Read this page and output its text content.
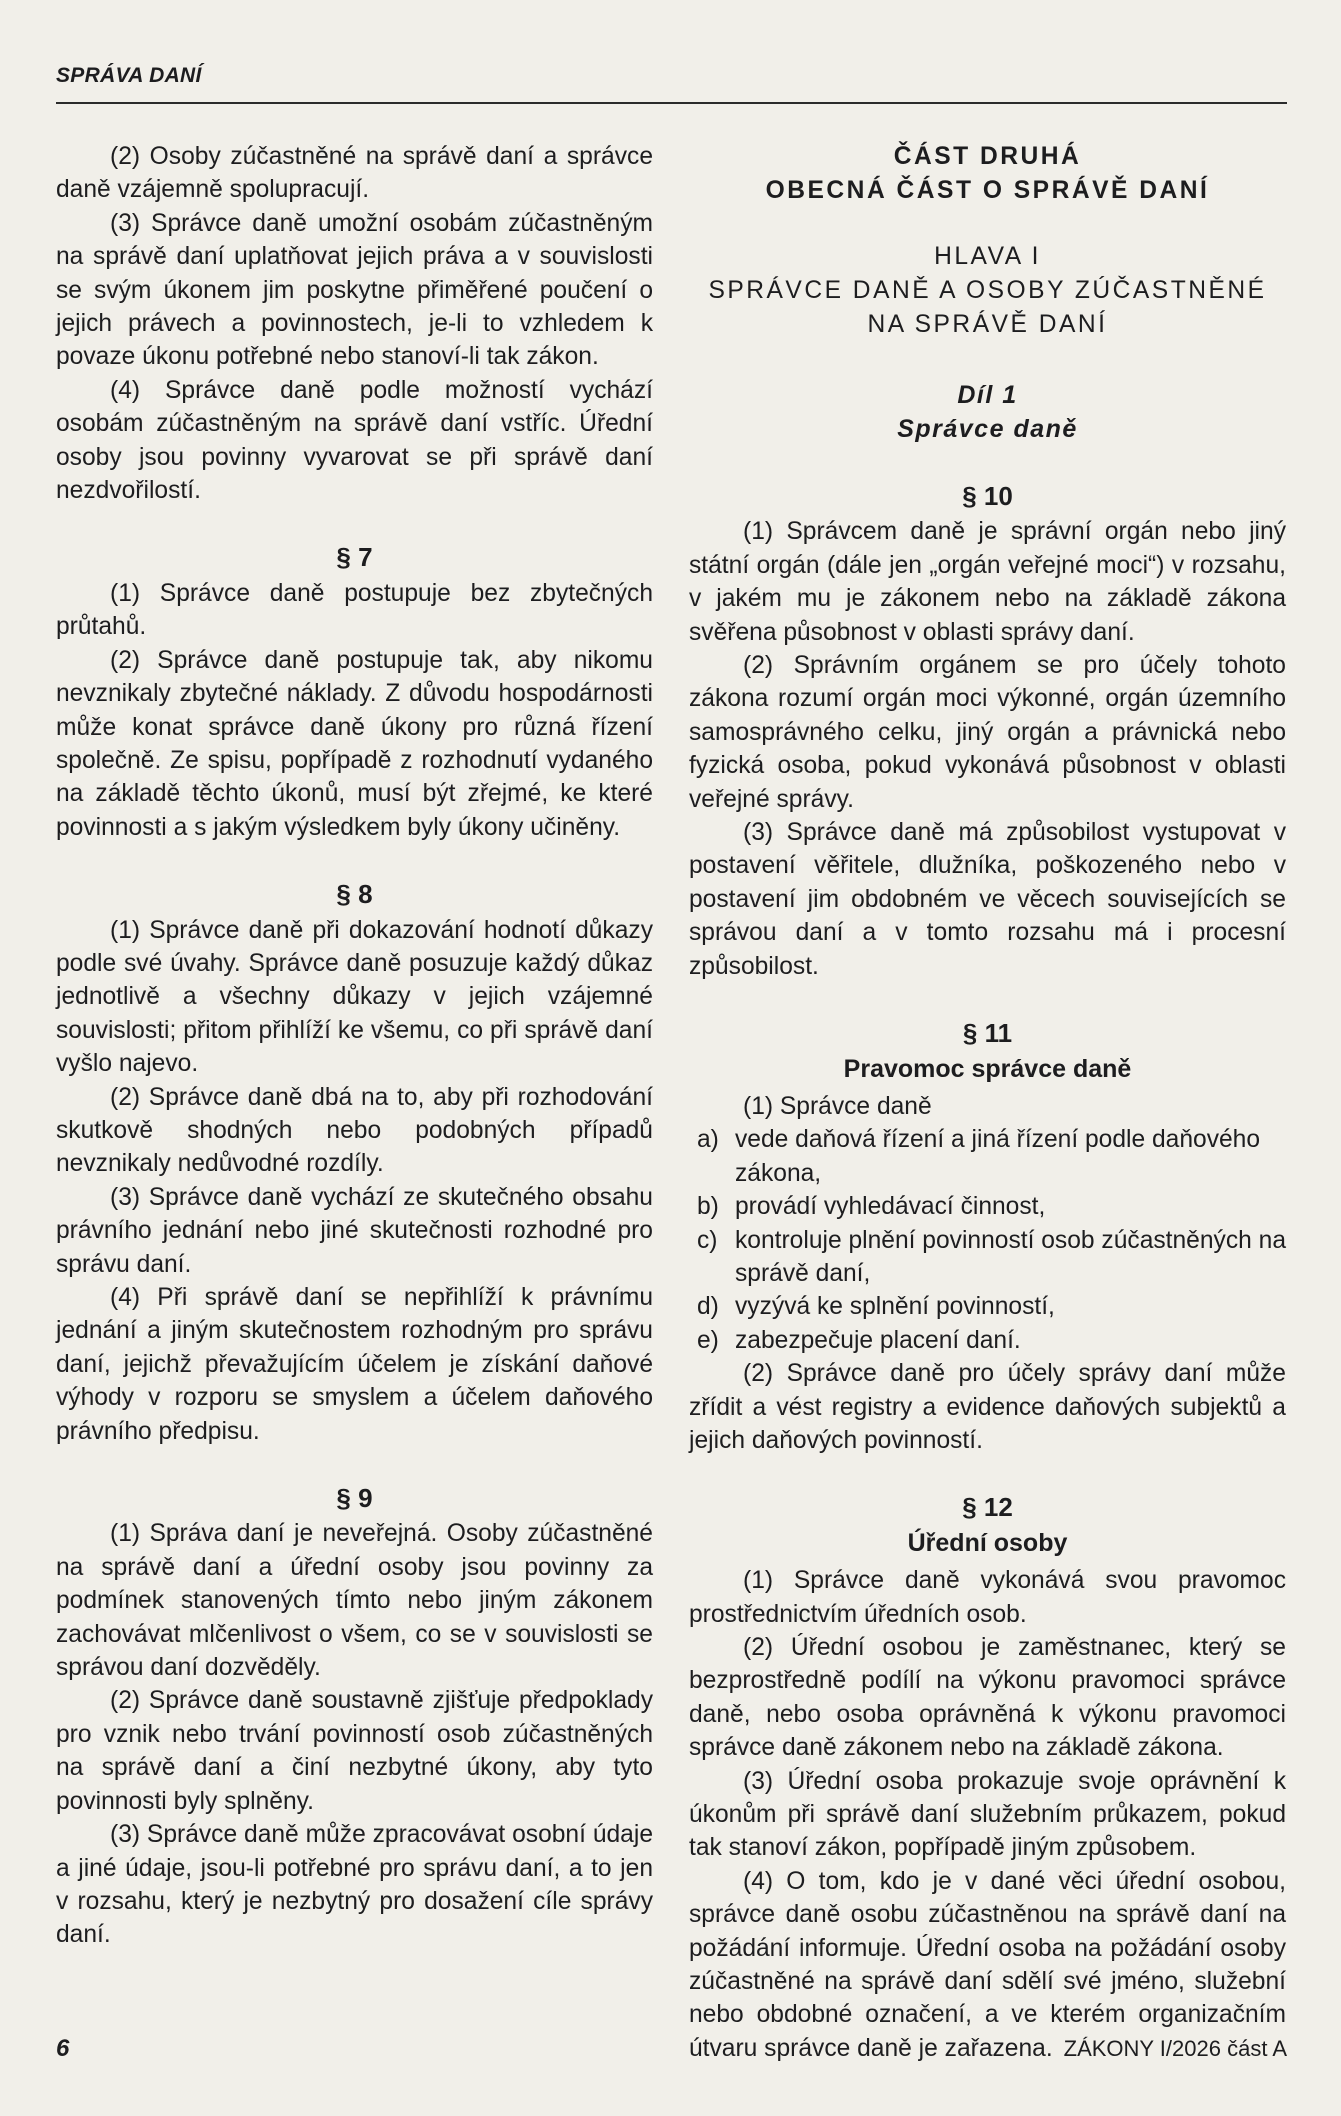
SPRÁVA DANÍ

(2) Osoby zúčastněné na správě daní a správce daně vzájemně spolupracují.

(3) Správce daně umožní osobám zúčastněným na správě daní uplatňovat jejich práva a v souvislosti se svým úkonem jim poskytne přiměřené poučení o jejich právech a povinnostech, je-li to vzhledem k povaze úkonu potřebné nebo stanoví-li tak zákon.

(4) Správce daně podle možností vychází osobám zúčastněným na správě daní vstříc. Úřední osoby jsou povinny vyvarovat se při správě daní nezdvořilostí.

§ 7

(1) Správce daně postupuje bez zbytečných průtahů.

(2) Správce daně postupuje tak, aby nikomu nevznikaly zbytečné náklady. Z důvodu hospodárnosti může konat správce daně úkony pro různá řízení společně. Ze spisu, popřípadě z rozhodnutí vydaného na základě těchto úkonů, musí být zřejmé, ke které povinnosti a s jakým výsledkem byly úkony učiněny.

§ 8

(1) Správce daně při dokazování hodnotí důkazy podle své úvahy. Správce daně posuzuje každý důkaz jednotlivě a všechny důkazy v jejich vzájemné souvislosti; přitom přihlíží ke všemu, co při správě daní vyšlo najevo.

(2) Správce daně dbá na to, aby při rozhodování skutkově shodných nebo podobných případů nevznikaly nedůvodné rozdíly.

(3) Správce daně vychází ze skutečného obsahu právního jednání nebo jiné skutečnosti rozhodné pro správu daní.

(4) Při správě daní se nepřihlíží k právnímu jednání a jiným skutečnostem rozhodným pro správu daní, jejichž převažujícím účelem je získání daňové výhody v rozporu se smyslem a účelem daňového právního předpisu.

§ 9

(1) Správa daní je neveřejná. Osoby zúčastněné na správě daní a úřední osoby jsou povinny za podmínek stanovených tímto nebo jiným zákonem zachovávat mlčenlivost o všem, co se v souvislosti se správou daní dozvěděly.

(2) Správce daně soustavně zjišťuje předpoklady pro vznik nebo trvání povinností osob zúčastněných na správě daní a činí nezbytné úkony, aby tyto povinnosti byly splněny.

(3) Správce daně může zpracovávat osobní údaje a jiné údaje, jsou-li potřebné pro správu daní, a to jen v rozsahu, který je nezbytný pro dosažení cíle správy daní.

ČÁST DRUHÁ
OBECNÁ ČÁST O SPRÁVĚ DANÍ
HLAVA I
SPRÁVCE DANĚ A OSOBY ZÚČASTNĚNÉ
NA SPRÁVĚ DANÍ
Díl 1
Správce daně
§ 10

(1) Správcem daně je správní orgán nebo jiný státní orgán (dále jen „orgán veřejné moci“) v rozsahu, v jakém mu je zákonem nebo na základě zákona svěřena působnost v oblasti správy daní.

(2) Správním orgánem se pro účely tohoto zákona rozumí orgán moci výkonné, orgán územního samosprávného celku, jiný orgán a právnická nebo fyzická osoba, pokud vykonává působnost v oblasti veřejné správy.

(3) Správce daně má způsobilost vystupovat v postavení věřitele, dlužníka, poškozeného nebo v postavení jim obdobném ve věcech souvisejících se správou daní a v tomto rozsahu má i procesní způsobilost.

§ 11
Pravomoc správce daně

(1) Správce daně

a) vede daňová řízení a jiná řízení podle daňového zákona,
b) provádí vyhledávací činnost,
c) kontroluje plnění povinností osob zúčastněných na správě daní,
d) vyzývá ke splnění povinností,
e) zabezpečuje placení daní.

(2) Správce daně pro účely správy daní může zřídit a vést registry a evidence daňových subjektů a jejich daňových povinností.

§ 12
Úřední osoby

(1) Správce daně vykonává svou pravomoc prostřednictvím úředních osob.

(2) Úřední osobou je zaměstnanec, který se bezprostředně podílí na výkonu pravomoci správce daně, nebo osoba oprávněná k výkonu pravomoci správce daně zákonem nebo na základě zákona.

(3) Úřední osoba prokazuje svoje oprávnění k úkonům při správě daní služebním průkazem, pokud tak stanoví zákon, popřípadě jiným způsobem.

(4) O tom, kdo je v dané věci úřední osobou, správce daně osobu zúčastněnou na správě daní na požádání informuje. Úřední osoba na požádání osoby zúčastněné na správě daní sdělí své jméno, služební nebo obdobné označení, a ve kterém organizačním útvaru správce daně je zařazena.

6	ZÁKONY I/2026 část A
